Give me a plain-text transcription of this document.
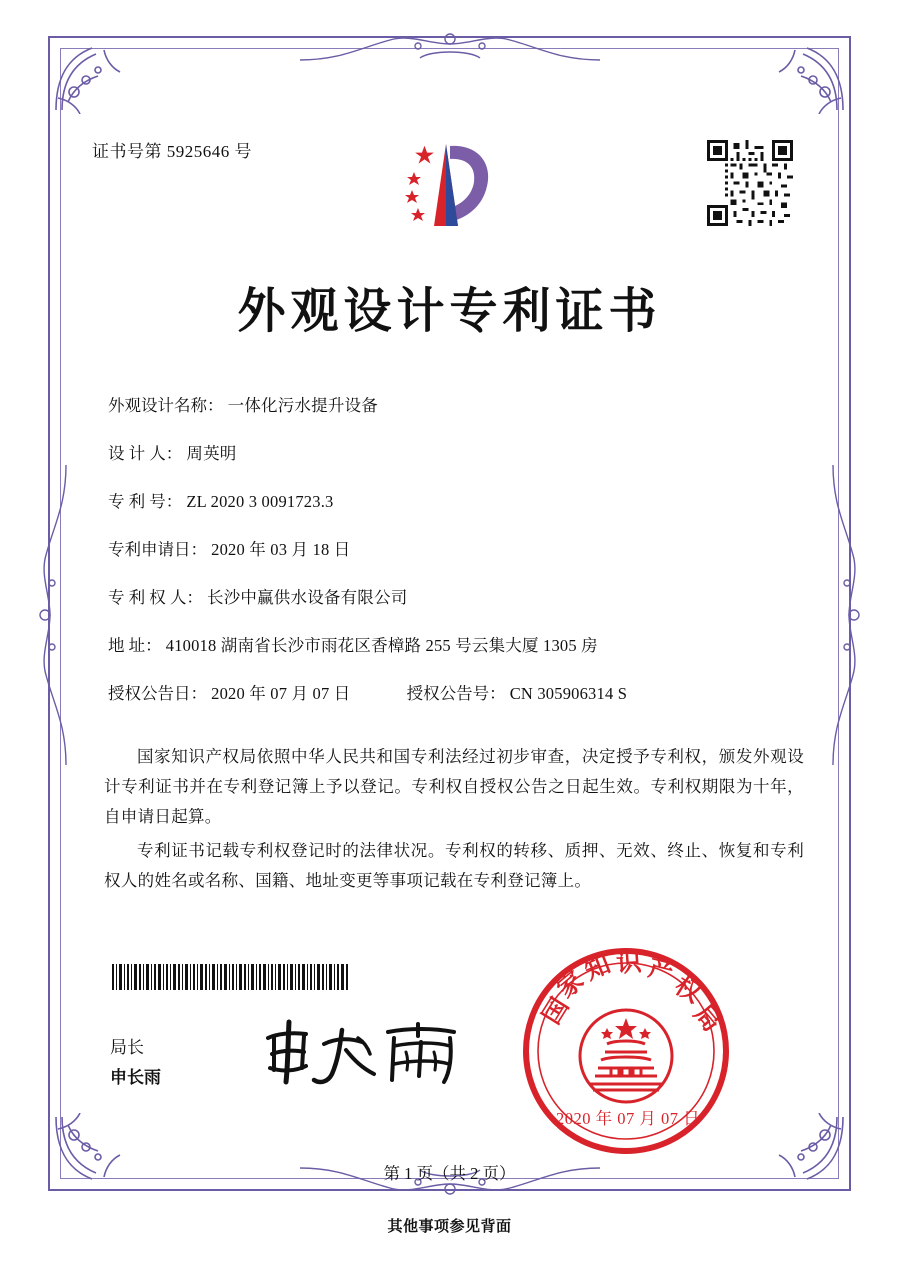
证书号第 5925646 号
外观设计专利证书
外观设计名称： 一体化污水提升设备
设 计 人： 周英明
专 利 号： ZL 2020 3 0091723.3
专利申请日： 2020 年 03 月 18 日
专 利 权 人： 长沙中赢供水设备有限公司
地 址： 410018 湖南省长沙市雨花区香樟路 255 号云集大厦 1305 房
授权公告日： 2020 年 07 月 07 日	授权公告号： CN 305906314 S

国家知识产权局依照中华人民共和国专利法经过初步审查，决定授予专利权，颁发外观设计专利证书并在专利登记簿上予以登记。专利权自授权公告之日起生效。专利权期限为十年，自申请日起算。

专利证书记载专利权登记时的法律状况。专利权的转移、质押、无效、终止、恢复和专利权人的姓名或名称、国籍、地址变更等事项记载在专利登记簿上。

局长
申长雨
国
家
知 识 产
权
局
2020 年 07 月 07 日
第 1 页（共 2 页）
其他事项参见背面
